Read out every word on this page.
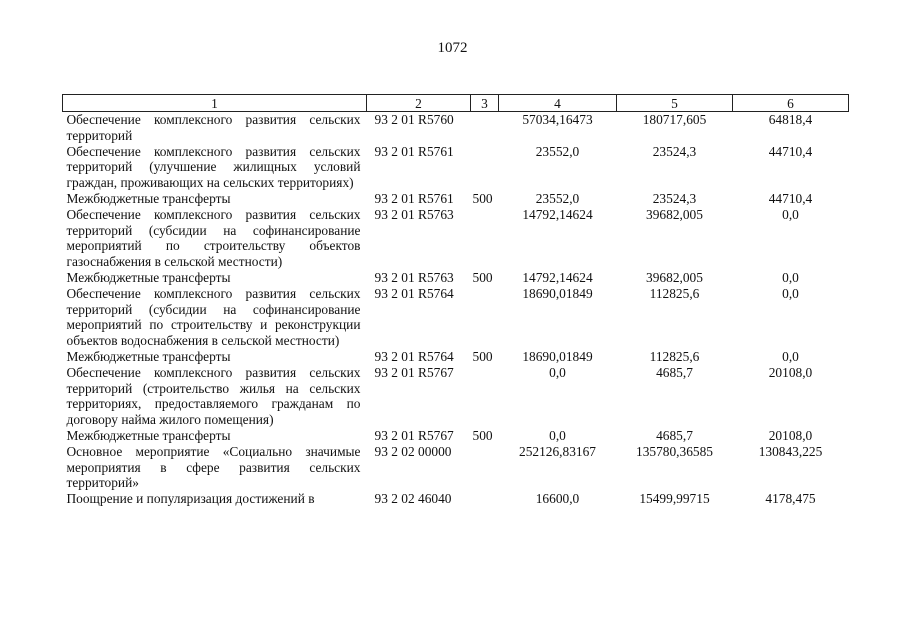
1072
1	2	3	4	5	6
Обеспечение комплексного развития сельских территорий	93 2 01 R5760		57034,16473	180717,605	64818,4
Обеспечение комплексного развития сельских территорий (улучшение жилищных условий граждан, проживающих на сельских территориях)	93 2 01 R5761		23552,0	23524,3	44710,4
Межбюджетные трансферты	93 2 01 R5761	500	23552,0	23524,3	44710,4
Обеспечение комплексного развития сельских территорий (субсидии на софинансирование мероприятий по строительству объектов газоснабжения в сельской местности)	93 2 01 R5763		14792,14624	39682,005	0,0
Межбюджетные трансферты	93 2 01 R5763	500	14792,14624	39682,005	0,0
Обеспечение комплексного развития сельских территорий (субсидии на софинансирование мероприятий по строительству и реконструкции объектов водоснабжения в сельской местности)	93 2 01 R5764		18690,01849	112825,6	0,0
Межбюджетные трансферты	93 2 01 R5764	500	18690,01849	112825,6	0,0
Обеспечение комплексного развития сельских территорий (строительство жилья на сельских территориях, предоставляемого гражданам по договору найма жилого помещения)	93 2 01 R5767		0,0	4685,7	20108,0
Межбюджетные трансферты	93 2 01 R5767	500	0,0	4685,7	20108,0
Основное мероприятие «Социально значимые мероприятия в сфере развития сельских территорий»	93 2 02 00000		252126,83167	135780,36585	130843,225
Поощрение и популяризация достижений в	93 2 02 46040		16600,0	15499,99715	4178,475
